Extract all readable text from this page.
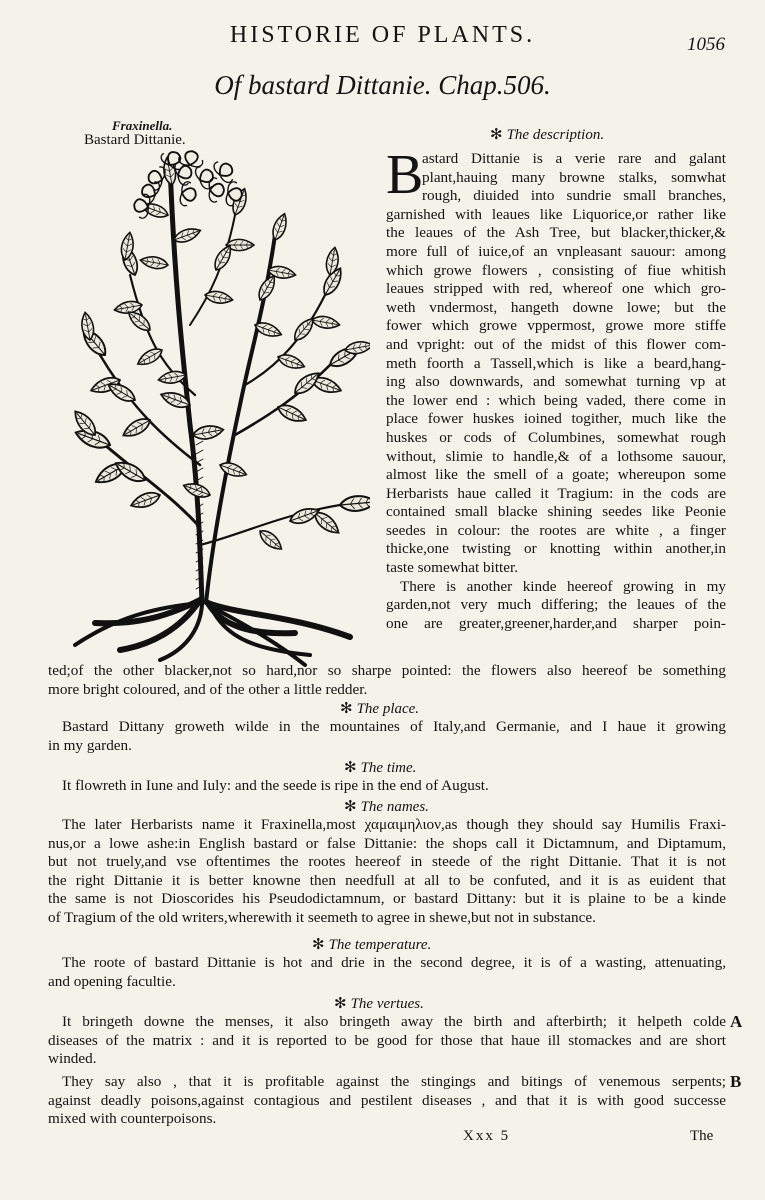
HISTORIE OF PLANTS.	1056
Of bastard Dittanie. Chap.506.
Fraxinella.
Bastard Dittanie.	✻ The description.
B
astard Dittanie is a verie rare and galant
plant,hauing many browne stalks, somwhat
rough, diuided into sundrie small branches,
garnished with leaues like Liquorice,or rather like
the leaues of the Ash Tree, but blacker,thicker,&
more full of iuice,of an vnpleasant sauour: among
which growe flowers , consisting of fiue whitish
leaues stripped with red, whereof one which gro-
weth vndermost, hangeth downe lowe; but the
fower which growe vppermost, growe more stiffe
and vpright: out of the midst of this flower com-
meth foorth a Tassell,which is like a beard,hang-
ing also downwards, and somewhat turning vp at
the lower end : which being vaded, there come in
place fower huskes ioined togither, much like the
huskes or cods of Columbines, somewhat rough
without, slimie to handle,& of a lothsome sauour,
almost like the smell of a goate; whereupon some
Herbarists haue called it Tragium: in the cods are
contained small blacke shining seedes like Peonie
seedes in colour: the rootes are white , a finger
thicke,one twisting or knotting within another,in
taste somewhat bitter.
There is another kinde heereof growing in my
garden,not very much differing; the leaues of the
one are greater,greener,harder,and sharper poin-
ted;of the other blacker,not so hard,nor so sharpe pointed: the flowers also heereof be something
more bright coloured, and of the other a little redder.
✻ The place.
Bastard Dittany groweth wilde in the mountaines of Italy,and Germanie, and I haue it growing
in my garden.
✻ The time.
It flowreth in Iune and Iuly: and the seede is ripe in the end of August.
✻ The names.
The later Herbarists name it Fraxinella,most χαμαιμηλιον,as though they should say Humilis Fraxi-
nus,or a lowe ashe:in English bastard or false Dittanie: the shops call it Dictamnum, and Diptamum,
but not truely,and vse oftentimes the rootes heereof in steede of the right Dittanie. That it is not
the right Dittanie it is better knowne then needfull at all to be confuted, and it is as euident that
the same is not Dioscorides his Pseudodictamnum, or bastard Dittany: but it is plaine to be a kinde
of Tragium of the old writers,wherewith it seemeth to agree in shewe,but not in substance.
✻ The temperature.
The roote of bastard Dittanie is hot and drie in the second degree, it is of a wasting, attenuating,
and opening facultie.
✻ The vertues.
It bringeth downe the menses, it also bringeth away the birth and afterbirth; it helpeth colde
diseases of the matrix : and it is reported to be good for those that haue ill stomackes and are short
winded.
They say also , that it is profitable against the stingings and bitings of venemous serpents;
against deadly poisons,against contagious and pestilent diseases , and that it is with good successe
mixed with counterpoisons.
A
B
Xxx 5	The
